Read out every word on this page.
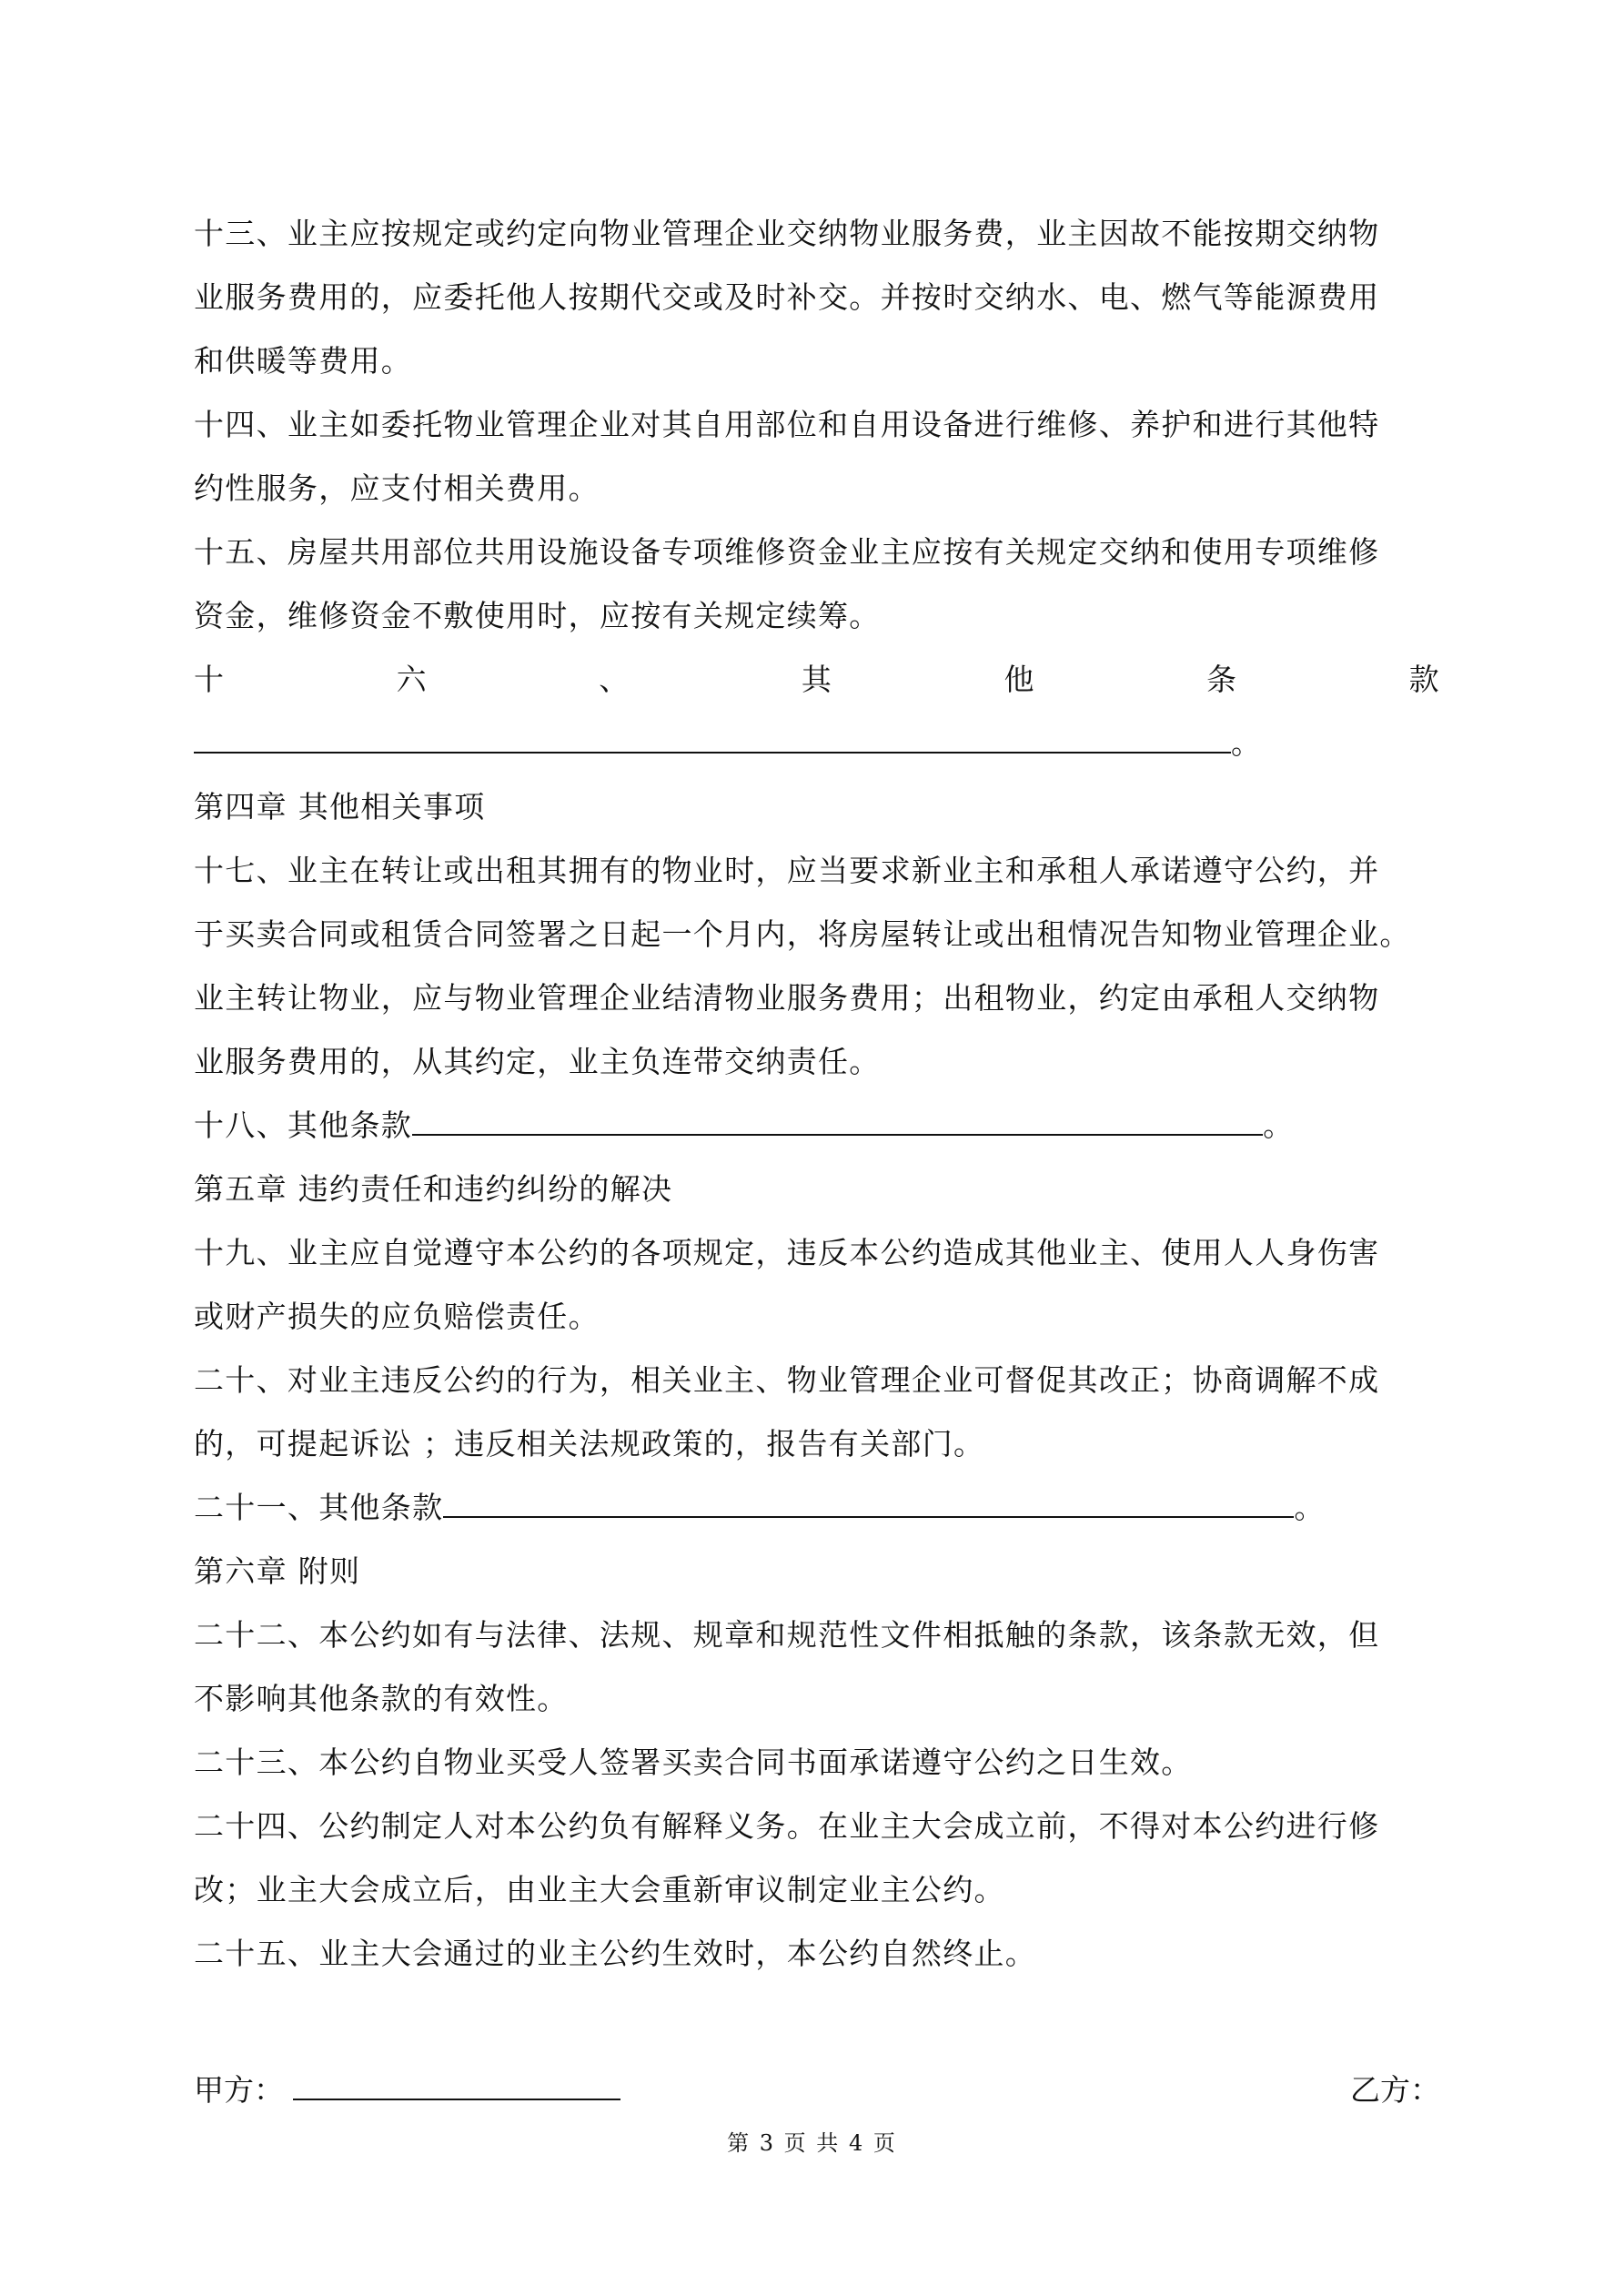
十三、业主应按规定或约定向物业管理企业交纳物业服务费，业主因故不能按期交纳物
业服务费用的，应委托他人按期代交或及时补交。并按时交纳水、电、燃气等能源费用
和供暖等费用。
十四、业主如委托物业管理企业对其自用部位和自用设备进行维修、养护和进行其他特
约性服务，应支付相关费用。
十五、房屋共用部位共用设施设备专项维修资金业主应按有关规定交纳和使用专项维修
资金，维修资金不敷使用时，应按有关规定续筹。
十	六	、	其	他	条	款
。
第四章 其他相关事项
十七、业主在转让或出租其拥有的物业时，应当要求新业主和承租人承诺遵守公约，并
于买卖合同或租赁合同签署之日起一个月内，将房屋转让或出租情况告知物业管理企业。
业主转让物业，应与物业管理企业结清物业服务费用；出租物业，约定由承租人交纳物
业服务费用的，从其约定，业主负连带交纳责任。
十八、其他条款	。
第五章 违约责任和违约纠纷的解决
十九、业主应自觉遵守本公约的各项规定，违反本公约造成其他业主、使用人人身伤害
或财产损失的应负赔偿责任。
二十、对业主违反公约的行为，相关业主、物业管理企业可督促其改正；协商调解不成
的，可提起诉讼 ；违反相关法规政策的，报告有关部门。
二十一、其他条款	。
第六章 附则
二十二、本公约如有与法律、法规、规章和规范性文件相抵触的条款，该条款无效，但
不影响其他条款的有效性。
二十三、本公约自物业买受人签署买卖合同书面承诺遵守公约之日生效。
二十四、公约制定人对本公约负有解释义务。在业主大会成立前，不得对本公约进行修
改；业主大会成立后，由业主大会重新审议制定业主公约。
二十五、业主大会通过的业主公约生效时，本公约自然终止。
甲方：	乙方：
第 3 页 共 4 页
